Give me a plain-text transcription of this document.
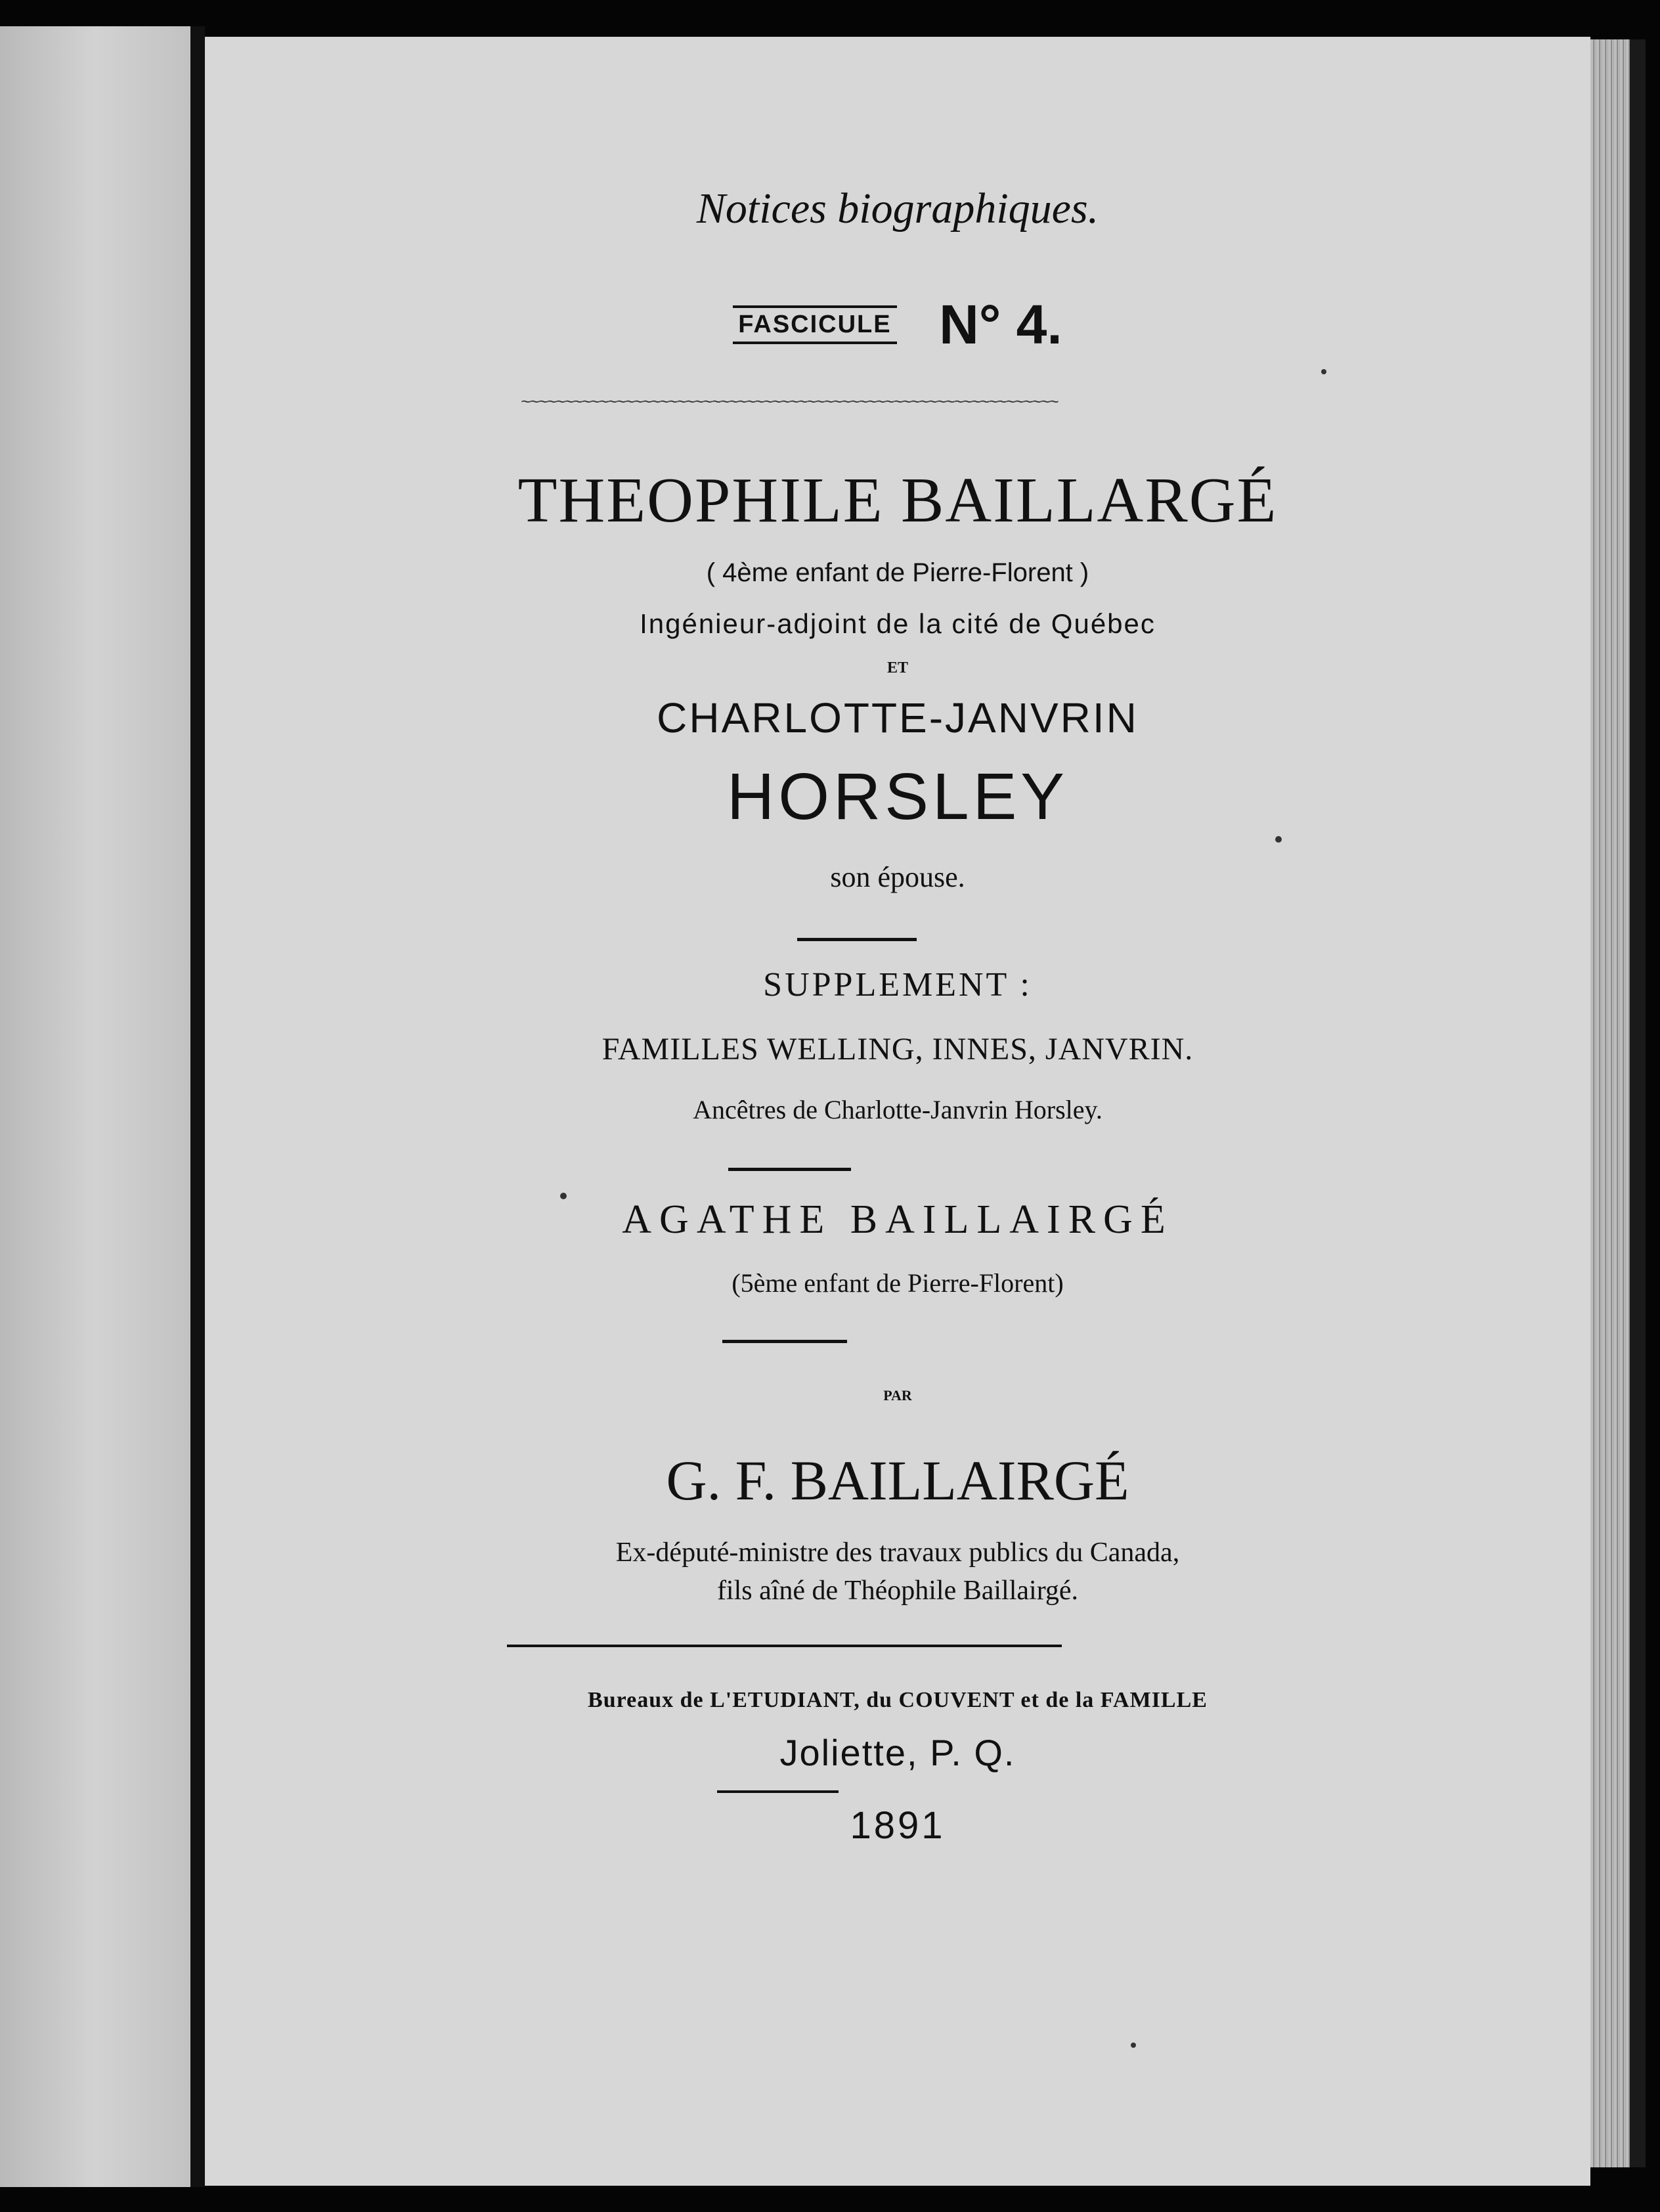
Notices biographiques.
FASCICULE N° 4.
~~~~~~~~~~~~~~~~~~~~~~~~~~~~~~~~~~~~~~~~~~~~~~~~~~~~~~~~~~~~~~
THEOPHILE BAILLARGÉ
( 4ème enfant de Pierre-Florent )
Ingénieur-adjoint de la cité de Québec
ET
CHARLOTTE-JANVRIN
HORSLEY
son épouse.
SUPPLEMENT :
FAMILLES WELLING, INNES, JANVRIN.
Ancêtres de Charlotte-Janvrin Horsley.
AGATHE BAILLAIRGÉ
(5ème enfant de Pierre-Florent)
PAR
G. F. BAILLAIRGÉ
Ex-député-ministre des travaux publics du Canada,
fils aîné de Théophile Baillairgé.
Bureaux de L'ETUDIANT, du COUVENT et de la FAMILLE
Joliette, P. Q.
1891
